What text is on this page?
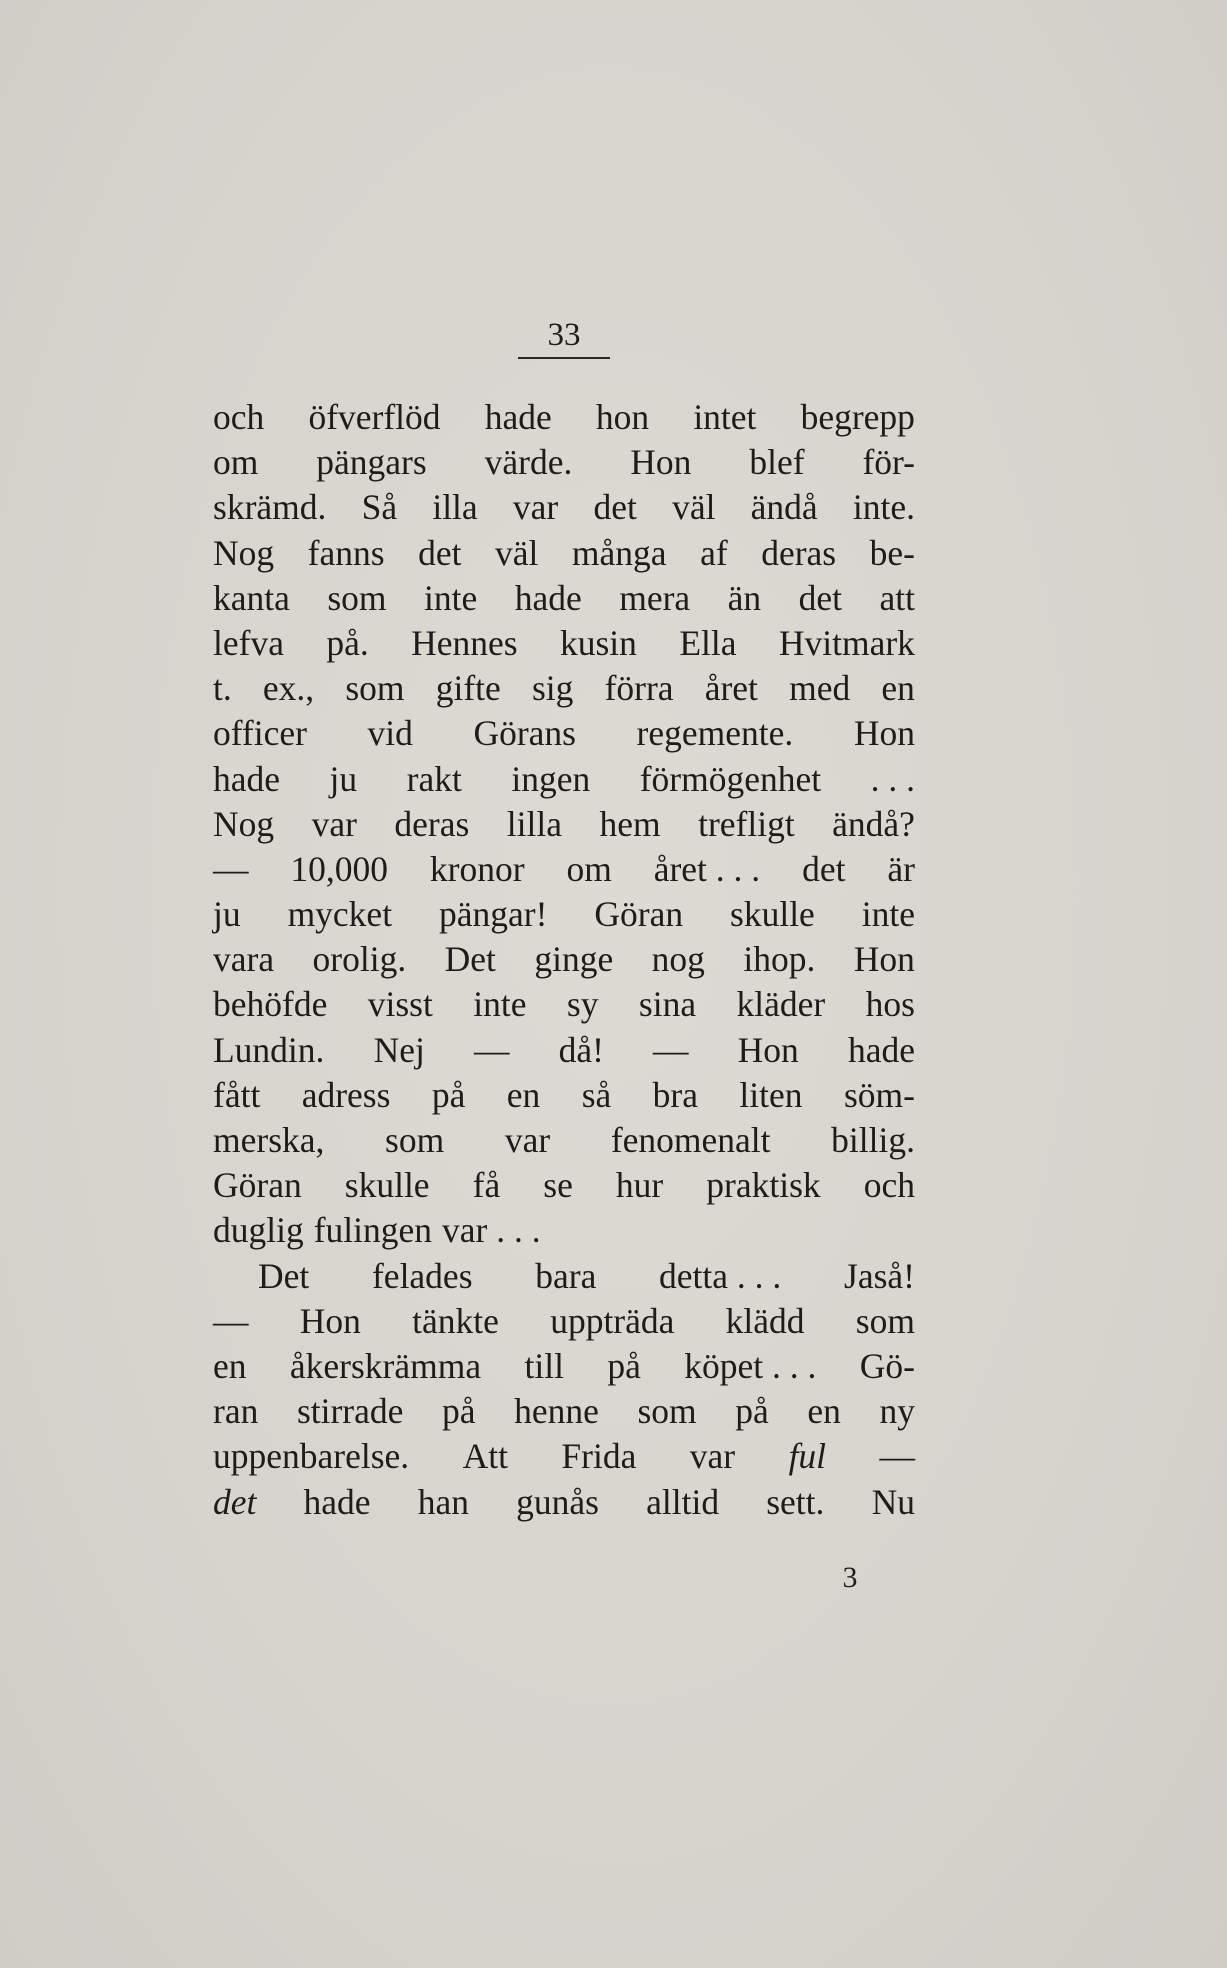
33
och öfverflöd hade hon intet begrepp
om pängars värde. Hon blef för-
skrämd. Så illa var det väl ändå inte.
Nog fanns det väl många af deras be-
kanta som inte hade mera än det att
lefva på. Hennes kusin Ella Hvitmark
t. ex., som gifte sig förra året med en
officer vid Görans regemente. Hon
hade ju rakt ingen förmögenhet . . .
Nog var deras lilla hem trefligt ändå?
— 10,000 kronor om året . . . det är
ju mycket pängar! Göran skulle inte
vara orolig. Det ginge nog ihop. Hon
behöfde visst inte sy sina kläder hos
Lundin. Nej — då! — Hon hade
fått adress på en så bra liten söm-
merska, som var fenomenalt billig.
Göran skulle få se hur praktisk och
duglig fulingen var . . .
Det felades bara detta . . . Jaså!
— Hon tänkte uppträda klädd som
en åkerskrämma till på köpet . . . Gö-
ran stirrade på henne som på en ny
uppenbarelse. Att Frida var ful —
det hade han gunås alltid sett. Nu
3
